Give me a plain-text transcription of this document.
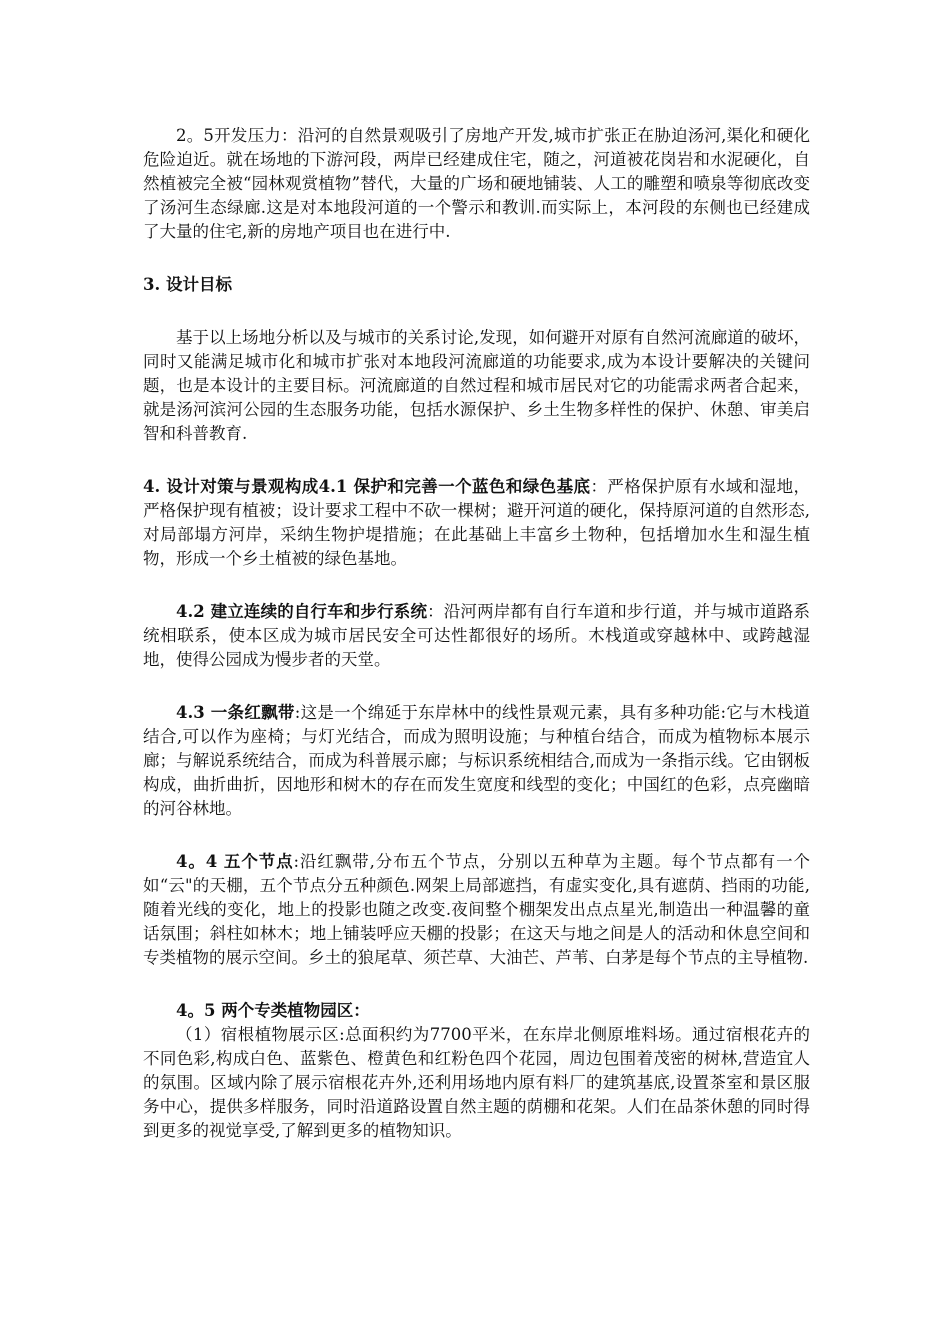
2。5开发压力：沿河的自然景观吸引了房地产开发,城市扩张正在胁迫汤河,渠化和硬化危险迫近。就在场地的下游河段，两岸已经建成住宅，随之，河道被花岗岩和水泥硬化，自然植被完全被“园林观赏植物”替代，大量的广场和硬地铺装、人工的雕塑和喷泉等彻底改变了汤河生态绿廊.这是对本地段河道的一个警示和教训.而实际上，本河段的东侧也已经建成了大量的住宅,新的房地产项目也在进行中.

3. 设计目标

基于以上场地分析以及与城市的关系讨论,发现，如何避开对原有自然河流廊道的破坏，同时又能满足城市化和城市扩张对本地段河流廊道的功能要求,成为本设计要解决的关键问题，也是本设计的主要目标。河流廊道的自然过程和城市居民对它的功能需求两者合起来，就是汤河滨河公园的生态服务功能，包括水源保护、乡土生物多样性的保护、休憩、审美启智和科普教育.

4. 设计对策与景观构成4.1 保护和完善一个蓝色和绿色基底：严格保护原有水域和湿地，严格保护现有植被；设计要求工程中不砍一棵树；避开河道的硬化，保持原河道的自然形态,对局部塌方河岸，采纳生物护堤措施；在此基础上丰富乡土物种，包括增加水生和湿生植物，形成一个乡土植被的绿色基地。

4.2 建立连续的自行车和步行系统：沿河两岸都有自行车道和步行道，并与城市道路系统相联系，使本区成为城市居民安全可达性都很好的场所。木栈道或穿越林中、或跨越湿地，使得公园成为慢步者的天堂。

4.3 一条红飘带:这是一个绵延于东岸林中的线性景观元素，具有多种功能:它与木栈道结合,可以作为座椅；与灯光结合，而成为照明设施；与种植台结合，而成为植物标本展示廊；与解说系统结合，而成为科普展示廊；与标识系统相结合,而成为一条指示线。它由钢板构成，曲折曲折，因地形和树木的存在而发生宽度和线型的变化；中国红的色彩，点亮幽暗的河谷林地。

4。4 五个节点:沿红飘带,分布五个节点，分别以五种草为主题。每个节点都有一个如“云"的天棚，五个节点分五种颜色.网架上局部遮挡，有虚实变化,具有遮荫、挡雨的功能,随着光线的变化，地上的投影也随之改变.夜间整个棚架发出点点星光,制造出一种温馨的童话氛围；斜柱如林木；地上铺装呼应天棚的投影；在这天与地之间是人的活动和休息空间和专类植物的展示空间。乡土的狼尾草、须芒草、大油芒、芦苇、白茅是每个节点的主导植物.

4。5 两个专类植物园区：

（1）宿根植物展示区:总面积约为7700平米，在东岸北侧原堆料场。通过宿根花卉的不同色彩,构成白色、蓝紫色、橙黄色和红粉色四个花园，周边包围着茂密的树林,营造宜人的氛围。区域内除了展示宿根花卉外,还利用场地内原有料厂的建筑基底,设置茶室和景区服务中心，提供多样服务，同时沿道路设置自然主题的荫棚和花架。人们在品茶休憩的同时得到更多的视觉享受,了解到更多的植物知识。
